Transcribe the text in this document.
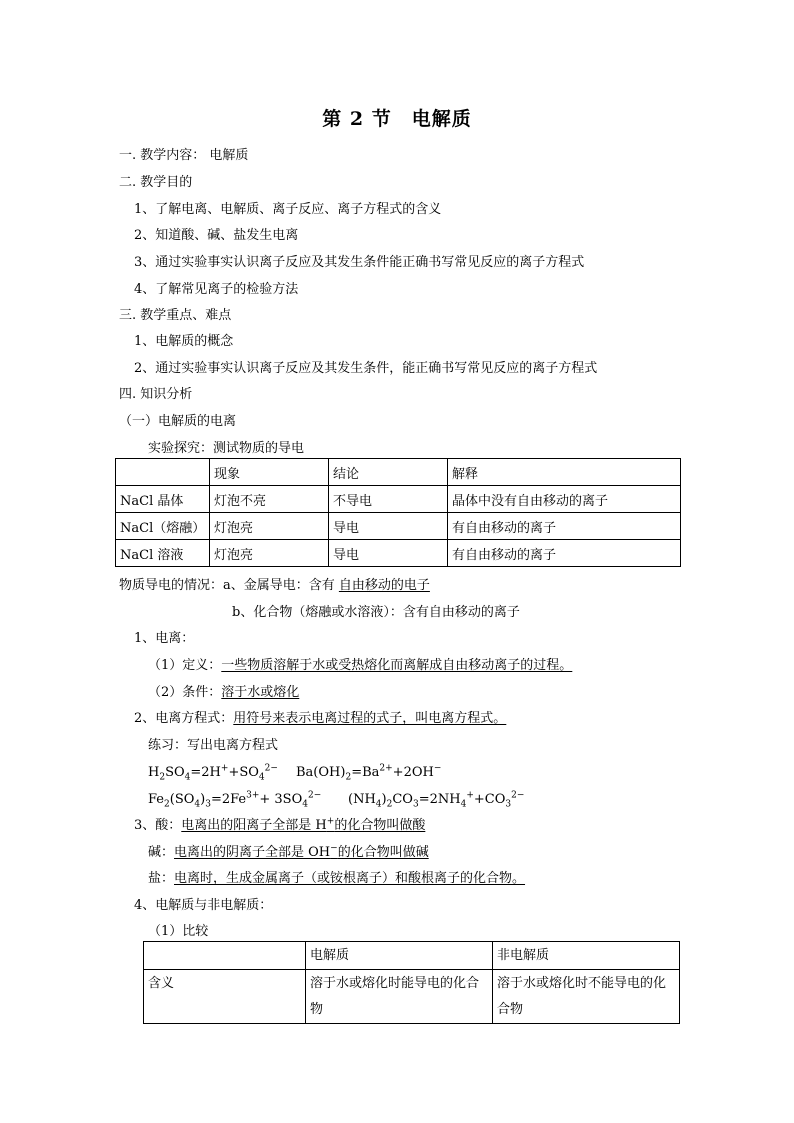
第 2 节　电解质
一. 教学内容： 电解质
二. 教学目的
1、了解电离、电解质、离子反应、离子方程式的含义
2、知道酸、碱、盐发生电离
3、通过实验事实认识离子反应及其发生条件能正确书写常见反应的离子方程式
4、了解常见离子的检验方法
三. 教学重点、难点
1、电解质的概念
2、通过实验事实认识离子反应及其发生条件，能正确书写常见反应的离子方程式
四. 知识分析
（一）电解质的电离
实验探究：测试物质的导电
	现象	结论	解释
NaCl 晶体	灯泡不亮	不导电	晶体中没有自由移动的离子
NaCl（熔融）	灯泡亮	导电	有自由移动的离子
NaCl 溶液	灯泡亮	导电	有自由移动的离子
物质导电的情况：a、金属导电：含有 自由移动的电子
b、化合物（熔融或水溶液）：含有自由移动的离子
1、电离：
（1）定义：一些物质溶解于水或受热熔化而离解成自由移动离子的过程。
（2）条件：溶于水或熔化
2、电离方程式：用符号来表示电离过程的式子，叫电离方程式。
练习：写出电离方程式
$H_2SO_4=2H^++SO_4^{2-}$ $Ba(OH)_2=Ba^{2+}+2OH^-$
$Fe_2(SO_4)_3=2Fe^{3+}+ 3SO_4^{2-}$ $(NH_4)_2CO_3=2NH_4^++CO_3^{2-}$
3、酸：电离出的阳离子全部是 H+的化合物叫做酸
碱：电离出的阴离子全部是 OH−的化合物叫做碱
盐：电离时，生成金属离子（或铵根离子）和酸根离子的化合物。
4、电解质与非电解质：
（1）比较
	电解质	非电解质
含义	溶于水或熔化时能导电的化合物	溶于水或熔化时不能导电的化合物
